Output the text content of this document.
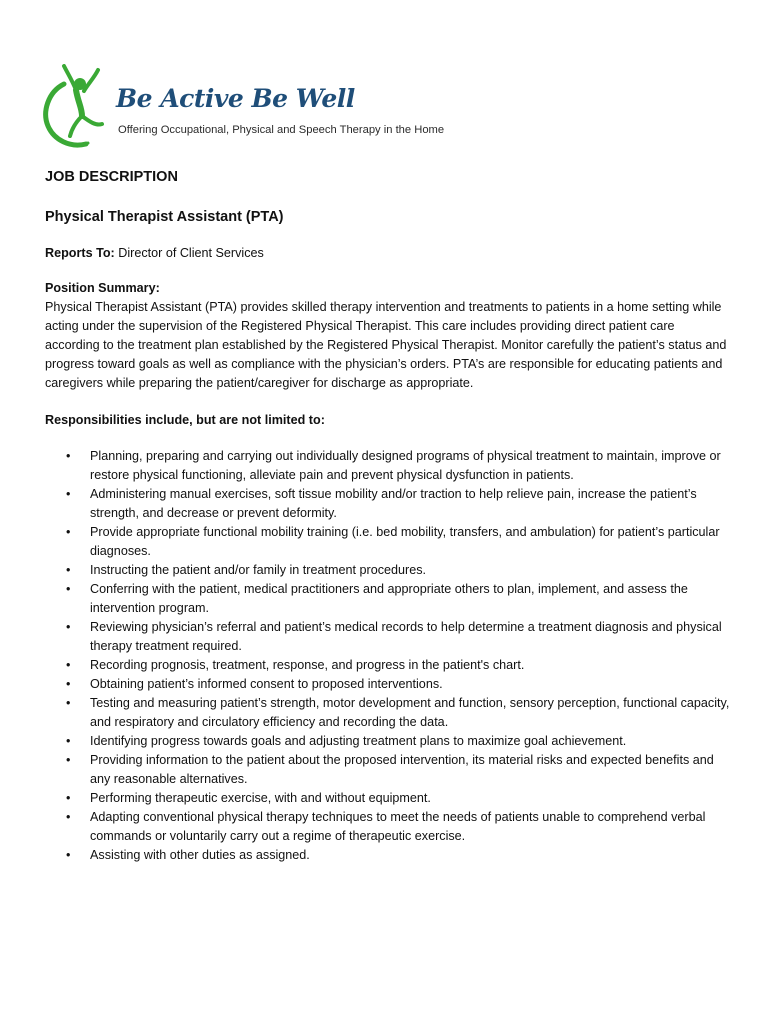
Be Active Be Well
Offering Occupational, Physical and Speech Therapy in the Home
JOB DESCRIPTION
Physical Therapist Assistant (PTA)
Reports To: Director of Client Services
Position Summary:
Physical Therapist Assistant (PTA) provides skilled therapy intervention and treatments to patients in a home setting while acting under the supervision of the Registered Physical Therapist. This care includes providing direct patient care according to the treatment plan established by the Registered Physical Therapist. Monitor carefully the patient’s status and progress toward goals as well as compliance with the physician’s orders. PTA’s are responsible for educating patients and caregivers while preparing the patient/caregiver for discharge as appropriate.
Responsibilities include, but are not limited to:
• Planning, preparing and carrying out individually designed programs of physical treatment to maintain, improve or restore physical functioning, alleviate pain and prevent physical dysfunction in patients.
• Administering manual exercises, soft tissue mobility and/or traction to help relieve pain, increase the patient’s strength, and decrease or prevent deformity.
• Provide appropriate functional mobility training (i.e. bed mobility, transfers, and ambulation) for patient’s particular diagnoses.
• Instructing the patient and/or family in treatment procedures.
• Conferring with the patient, medical practitioners and appropriate others to plan, implement, and assess the intervention program.
• Reviewing physician’s referral and patient’s medical records to help determine a treatment diagnosis and physical therapy treatment required.
• Recording prognosis, treatment, response, and progress in the patient's chart.
• Obtaining patient’s informed consent to proposed interventions.
• Testing and measuring patient’s strength, motor development and function, sensory perception, functional capacity, and respiratory and circulatory efficiency and recording the data.
• Identifying progress towards goals and adjusting treatment plans to maximize goal achievement.
• Providing information to the patient about the proposed intervention, its material risks and expected benefits and any reasonable alternatives.
• Performing therapeutic exercise, with and without equipment.
• Adapting conventional physical therapy techniques to meet the needs of patients unable to comprehend verbal commands or voluntarily carry out a regime of therapeutic exercise.
• Assisting with other duties as assigned.
